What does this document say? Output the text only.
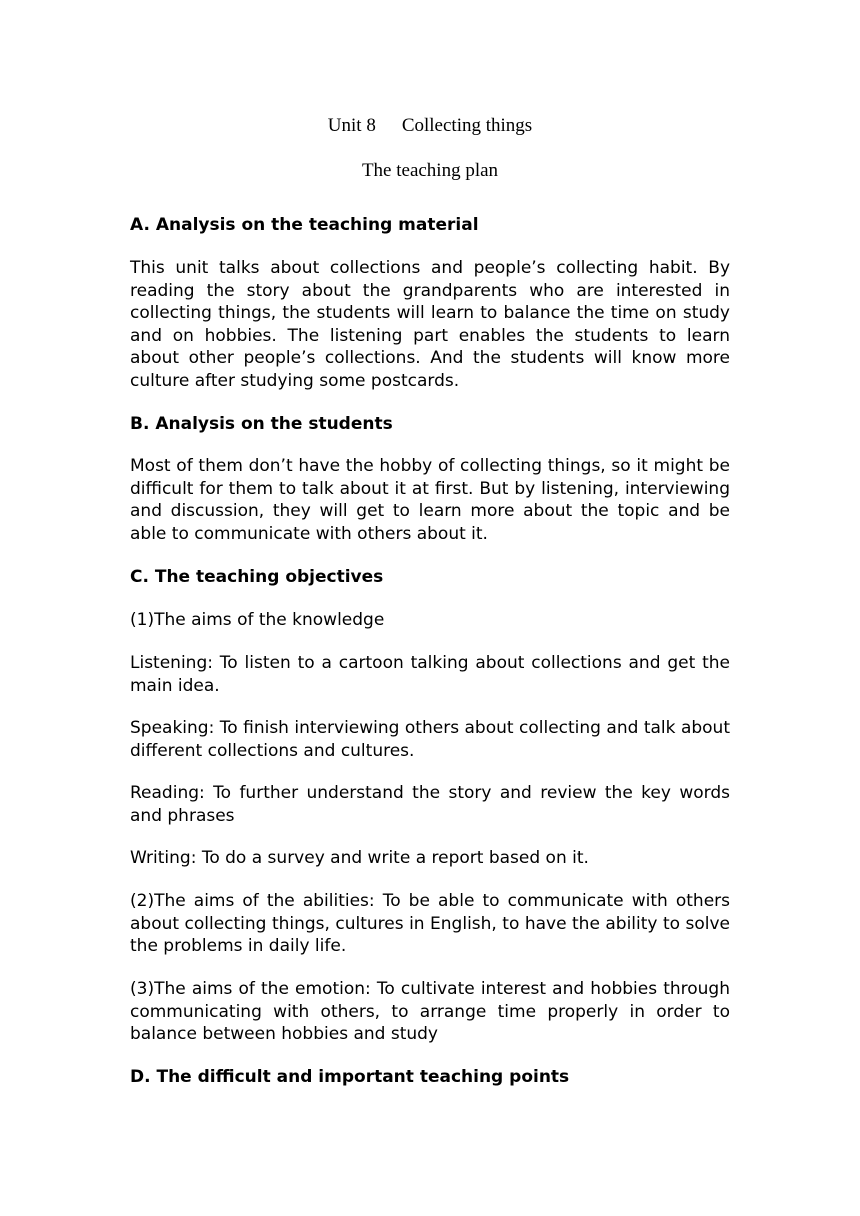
Unit 8 Collecting things

The teaching plan

A. Analysis on the teaching material

This unit talks about collections and people’s collecting habit. By reading the story about the grandparents who are interested in collecting things, the students will learn to balance the time on study and on hobbies. The listening part enables the students to learn about other people’s collections. And the students will know more culture after studying some postcards.

B. Analysis on the students

Most of them don’t have the hobby of collecting things, so it might be difficult for them to talk about it at first. But by listening, interviewing and discussion, they will get to learn more about the topic and be able to communicate with others about it.

C. The teaching objectives

(1)The aims of the knowledge

Listening: To listen to a cartoon talking about collections and get the main idea.

Speaking: To finish interviewing others about collecting and talk about different collections and cultures.

Reading: To further understand the story and review the key words and phrases

Writing: To do a survey and write a report based on it.

(2)The aims of the abilities: To be able to communicate with others about collecting things, cultures in English, to have the ability to solve the problems in daily life.

(3)The aims of the emotion: To cultivate interest and hobbies through communicating with others, to arrange time properly in order to balance between hobbies and study

D. The difficult and important teaching points
